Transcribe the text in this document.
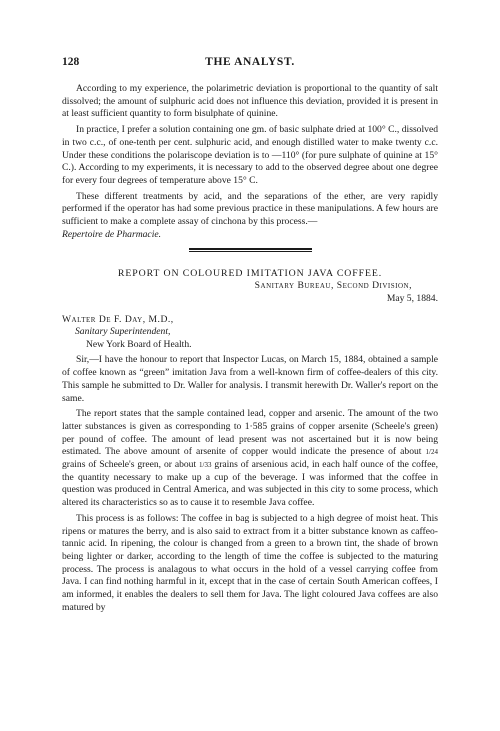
128	THE ANALYST.

According to my experience, the polarimetric deviation is proportional to the quantity of salt dissolved; the amount of sulphuric acid does not influence this deviation, provided it is present in at least sufficient quantity to form bisulphate of quinine.

In practice, I prefer a solution containing one gm. of basic sulphate dried at 100° C., dissolved in two c.c., of one-tenth per cent. sulphuric acid, and enough distilled water to make twenty c.c. Under these conditions the polariscope deviation is to —110° (for pure sulphate of quinine at 15° C.). According to my experiments, it is necessary to add to the observed degree about one degree for every four degrees of temperature above 15° C.

These different treatments by acid, and the separations of the ether, are very rapidly performed if the operator has had some previous practice in these manipulations. A few hours are sufficient to make a complete assay of cinchona by this process.—
Repertoire de Pharmacie.

REPORT ON COLOURED IMITATION JAVA COFFEE.
Sanitary Bureau, Second Division,
May 5, 1884.
Walter De F. Day, M.D.,
Sanitary Superintendent,
New York Board of Health.

Sir,—I have the honour to report that Inspector Lucas, on March 15, 1884, obtained a sample of coffee known as “green” imitation Java from a well-known firm of coffee-dealers of this city. This sample he submitted to Dr. Waller for analysis. I transmit herewith Dr. Waller's report on the same.

The report states that the sample contained lead, copper and arsenic. The amount of the two latter substances is given as corresponding to 1·585 grains of copper arsenite (Scheele's green) per pound of coffee. The amount of lead present was not ascertained but it is now being estimated. The above amount of arsenite of copper would indicate the presence of about 1/24 grains of Scheele's green, or about 1/33 grains of arsenious acid, in each half ounce of the coffee, the quantity necessary to make up a cup of the beverage. I was informed that the coffee in question was produced in Central America, and was subjected in this city to some process, which altered its characteristics so as to cause it to resemble Java coffee.

This process is as follows: The coffee in bag is subjected to a high degree of moist heat. This ripens or matures the berry, and is also said to extract from it a bitter substance known as caffeo-tannic acid. In ripening, the colour is changed from a green to a brown tint, the shade of brown being lighter or darker, according to the length of time the coffee is subjected to the maturing process. The process is analagous to what occurs in the hold of a vessel carrying coffee from Java. I can find nothing harmful in it, except that in the case of certain South American coffees, I am informed, it enables the dealers to sell them for Java. The light coloured Java coffees are also matured by
